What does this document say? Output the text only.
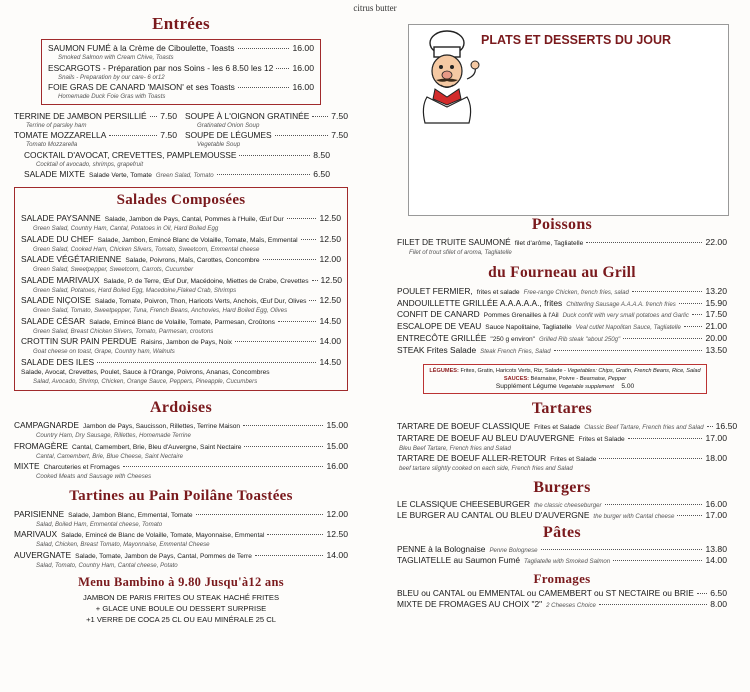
citrus butter
Entrées
SAUMON FUMÉ à la Crème de Ciboulette, Toasts	16.00
Smoked Salmon with Cream Chive, Toasts
ESCARGOTS - Préparation par nos Soins - les 6 8.50 les 12 16.00
Snails - Preparation by our care- 6 or12
FOIE GRAS DE CANARD 'MAISON' et ses Toasts	16.00
Homemade Duck Foie Gras with Toasts
TERRINE DE JAMBON PERSILLIÉ 7.50
Terrine of parsley ham
SOUPE À L'OIGNON GRATINÉE	7.50
Gratinated Onion Soup
TOMATE MOZZARELLA	7.50
Tomato Mozzarella
SOUPE DE LÉGUMES	7.50
Vegetable Soup
COCKTAIL D'AVOCAT, CREVETTES, PAMPLEMOUSSE	8.50
Cocktail of avocado, shrimps, grapefruit
SALADE MIXTE Salade Verte, Tomate Green Salad, Tomato	6.50
Salades Composées
SALADE PAYSANNE Salade, Jambon de Pays, Cantal, Pommes à l'Huile, Œuf Dur	12.50
Green Salad, Country Ham, Cantal, Potatoes in Oil, Hard Boiled Egg
SALADE DU CHEF Salade, Jambon, Emincé Blanc de Volaille, Tomate, Maïs, Emmental	12.50
Green Salad, Cooked Ham, Chicken Slivers, Tomato, Sweetcorn, Emmental cheese
SALADE VÉGÉTARIENNE Salade, Poivrons, Maïs, Carottes, Concombre	12.00
Green Salad, Sweetpepper, Sweetcorn, Carrots, Cucumber
SALADE MARIVAUX Salade, P. de Terre, Œuf Dur, Macédoine, Miettes de Crabe, Crevettes 12.50
Green Salad, Potatoes, Hard Boiled Egg, Macedoine,Flaked Crab, Shrimps
SALADE NIÇOISE Salade, Tomate, Poivron, Thon, Haricots Verts, Anchois, Œuf Dur, Olives 12.50
Green Salad, Tomato, Sweetpepper, Tuna, French Beans, Anchovies, Hard Boiled Egg, Olives
SALADE CÉSAR Salade, Emincé Blanc de Volaille, Tomate, Parmesan, Croûtons	14.50
Green Salad, Breast Chicken Slivers, Tomato, Parmesan, croutons
CROTTIN SUR PAIN PERDUE Raisins, Jambon de Pays, Noix	14.00
Goat cheese on toast, Grape, Country ham, Walnuts
SALADE DES ILES	14.50
Salade, Avocat, Crevettes, Poulet, Sauce à l'Orange, Poivrons, Ananas, Concombres
Salad, Avocado, Shrimp, Chicken, Orange Sauce, Peppers, Pineapple, Cucumbers
Ardoises
CAMPAGNARDE Jambon de Pays, Saucisson, Rillettes, Terrine Maison	15.00
Country Ham, Dry Sausage, Rillettes, Homemade Terrine
FROMAGÈRE Cantal, Camembert, Brie, Bleu d'Auvergne, Saint Nectaire	15.00
Cantal, Camembert, Brie, Blue Cheese, Saint Nectaire
MIXTE Charcuteries et Fromages	16.00
Cooked Meats and Sausage with Cheeses
Tartines au Pain Poilâne Toastées
PARISIENNE Salade, Jambon Blanc, Emmental, Tomate	12.00
Salad, Boiled Ham, Emmental cheese, Tomato
MARIVAUX Salade, Emincé de Blanc de Volaille, Tomate, Mayonnaise, Emmental	12.50
Salad, Chicken, Breast Tomato, Mayonnaise, Emmental Cheese
AUVERGNATE Salade, Tomate, Jambon de Pays, Cantal, Pommes de Terre	14.00
Salad, Tomato, Country Ham, Cantal cheese, Potato
Menu Bambino à 9.80 Jusqu'à12 ans
JAMBON DE PARIS FRITES OU STEAK HACHÉ FRITES
+ GLACE UNE BOULE OU DESSERT SURPRISE
+1 VERRE DE COCA 25 CL OU EAU MINÉRALE 25 CL
PLATS ET DESSERTS DU JOUR
Poissons
FILET DE TRUITE SAUMONÉ filet d'arôme, Tagliatelle	22.00
Filet of trout sfilet of aroma, Tagliatelle
du Fourneau au Grill
POULET FERMIER, frites et salade Free-range Chicken, french fries, salad	13.20
ANDOUILLETTE GRILLÉE A.A.A.A.A., frites Chitterling Sausage A.A.A.A. french fries	15.90
CONFIT DE CANARD Pommes Grenailles à l'Ail Duck confit with very small potatoes and Garlic 17.50
ESCALOPE DE VEAU Sauce Napolitaine, Tagliatelle Veal cutlet Napolitan Sauce, Tagliatelle	21.00
ENTRECÔTE GRILLÉE "250 g environ" Grilled Rib steak "about 250g"	20.00
STEAK Frites Salade Steak French Fries, Salad	13.50
LÉGUMES: Frites, Gratin, Haricots Verts, Riz, Salade - Vegetables: Chips, Gratin, French Beans, Rice, Salad
SAUCES: Béarnaise, Poivre - Bearnaise, Pepper
Supplément Légume Vegetable supplement 5.00
Tartares
TARTARE DE BOEUF CLASSIQUE Frites et Salade Classic Beef Tartare, French fries and Salad 16.50
TARTARE DE BOEUF AU BLEU D'AUVERGNE Frites et Salade	17.00
Bleu Beef Tartare, French fries and Salad
TARTARE DE BOEUF ALLER-RETOUR Frites et Salade	18.00
beef tartare slightly cooked on each side, French fries and Salad
Burgers
LE CLASSIQUE CHEESEBURGER the classic cheeseburger	16.00
LE BURGER AU CANTAL OU BLEU D'AUVERGNE the burger with Cantal cheese	17.00
Pâtes
PENNE à la Bolognaise Penne Bolognese	13.80
TAGLIATELLE au Saumon Fumé Tagliatelle with Smoked Salmon	14.00
Fromages
BLEU ou CANTAL ou EMMENTAL ou CAMEMBERT ou ST NECTAIRE ou BRIE 6.50
MIXTE DE FROMAGES AU CHOIX "2" 2 Cheeses Choice	8.00
